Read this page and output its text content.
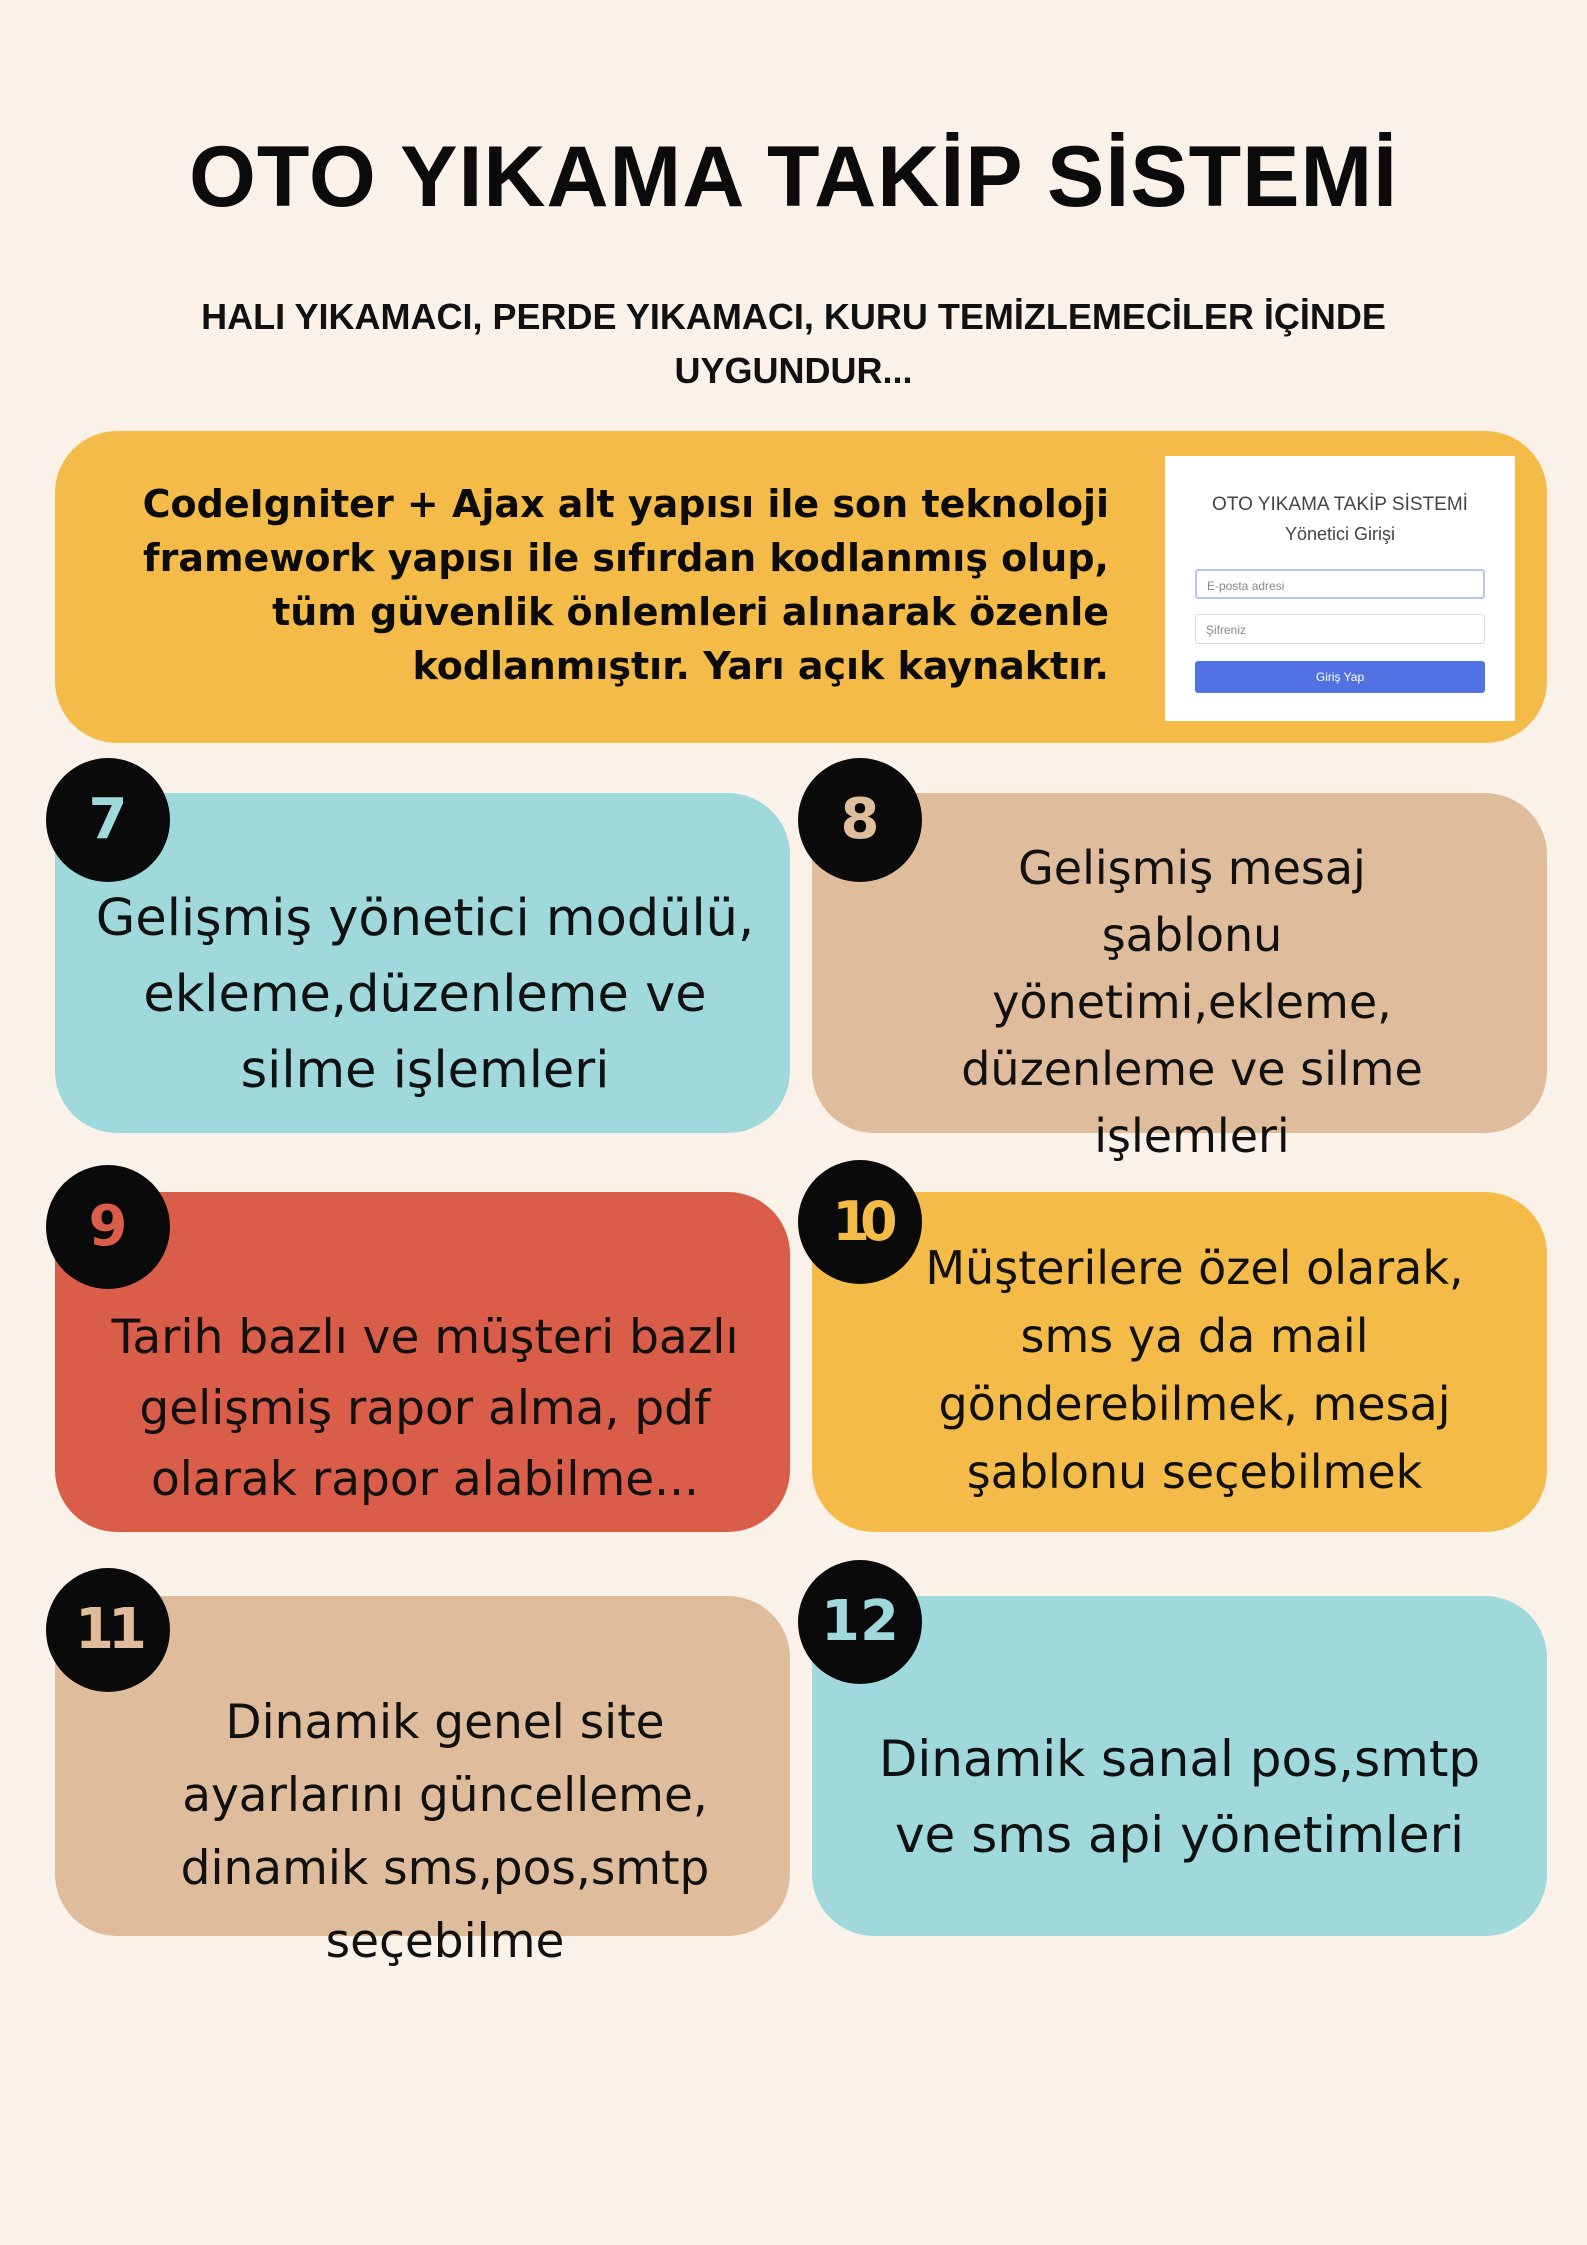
OTO YIKAMA TAKİP SİSTEMİ
HALI YIKAMACI, PERDE YIKAMACI, KURU TEMİZLEMECİLER İÇİNDE UYGUNDUR...
CodeIgniter + Ajax alt yapısı ile son teknoloji framework yapısı ile sıfırdan kodlanmış olup, tüm güvenlik önlemleri alınarak özenle kodlanmıştır. Yarı açık kaynaktır.
OTO YIKAMA TAKİP SİSTEMİ
Yönetici Girişi
E-posta adresi
Şifreniz
Giriş Yap
Gelişmiş yönetici modülü, ekleme,düzenleme ve silme işlemleri
7
Gelişmiş mesaj şablonu yönetimi,ekleme, düzenleme ve silme işlemleri
8
Tarih bazlı ve müşteri bazlı gelişmiş rapor alma, pdf olarak rapor alabilme...
9
Müşterilere özel olarak, sms ya da mail gönderebilmek, mesaj şablonu seçebilmek
10
Dinamik genel site ayarlarını güncelleme, dinamik sms,pos,smtp seçebilme
11
Dinamik sanal pos,smtp ve sms api yönetimleri
12
